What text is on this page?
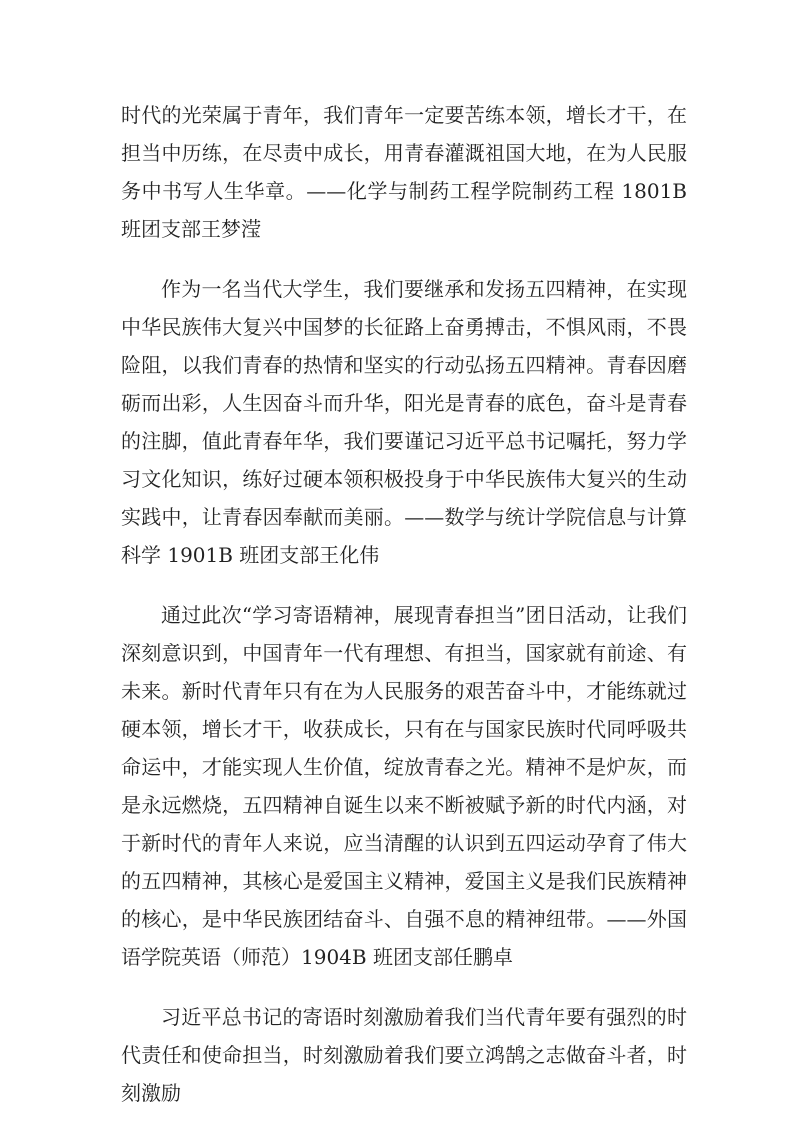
时代的光荣属于青年，我们青年一定要苦练本领，增长才干，在担当中历练，在尽责中成长，用青春灌溉祖国大地，在为人民服务中书写人生华章。——化学与制药工程学院制药工程 1801B 班团支部王梦滢

作为一名当代大学生，我们要继承和发扬五四精神，在实现中华民族伟大复兴中国梦的长征路上奋勇搏击，不惧风雨，不畏险阻，以我们青春的热情和坚实的行动弘扬五四精神。青春因磨砺而出彩，人生因奋斗而升华，阳光是青春的底色，奋斗是青春的注脚，值此青春年华，我们要谨记习近平总书记嘱托，努力学习文化知识，练好过硬本领积极投身于中华民族伟大复兴的生动实践中，让青春因奉献而美丽。——数学与统计学院信息与计算科学 1901B 班团支部王化伟

通过此次“学习寄语精神，展现青春担当”团日活动，让我们深刻意识到，中国青年一代有理想、有担当，国家就有前途、有未来。新时代青年只有在为人民服务的艰苦奋斗中，才能练就过硬本领，增长才干，收获成长，只有在与国家民族时代同呼吸共命运中，才能实现人生价值，绽放青春之光。精神不是炉灰，而是永远燃烧，五四精神自诞生以来不断被赋予新的时代内涵，对于新时代的青年人来说，应当清醒的认识到五四运动孕育了伟大的五四精神，其核心是爱国主义精神，爱国主义是我们民族精神的核心，是中华民族团结奋斗、自强不息的精神纽带。——外国语学院英语（师范）1904B 班团支部任鹏卓

习近平总书记的寄语时刻激励着我们当代青年要有强烈的时代责任和使命担当，时刻激励着我们要立鸿鹄之志做奋斗者，时刻激励
